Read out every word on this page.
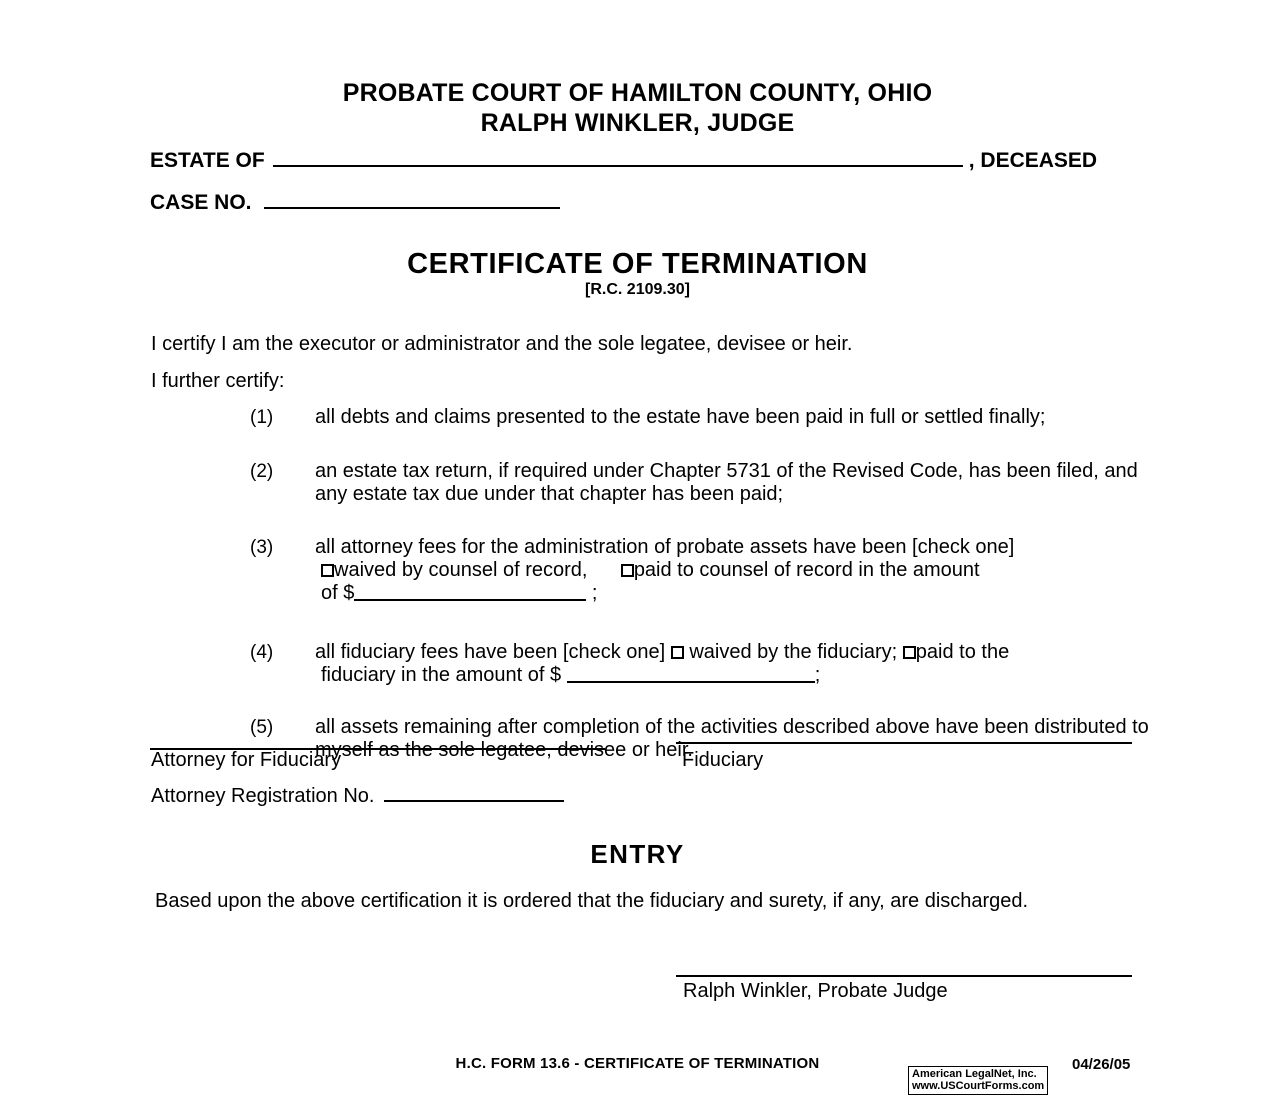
PROBATE COURT OF HAMILTON COUNTY, OHIO
RALPH WINKLER, JUDGE
ESTATE OF	, DECEASED
CASE NO.
CERTIFICATE OF TERMINATION
[R.C. 2109.30]
I certify I am the executor or administrator and the sole legatee, devisee or heir.
I further certify:
(1) all debts and claims presented to the estate have been paid in full or settled finally;
(2) an estate tax return, if required under Chapter 5731 of the Revised Code, has been filed, and any estate tax due under that chapter has been paid;
(3) all attorney fees for the administration of probate assets have been [check one]
waived by counsel of record, paid to counsel of record in the amount
of $	;
(4) all fiduciary fees have been [check one] waived by the fiduciary; paid to the
fiduciary in the amount of $	;
(5) all assets remaining after completion of the activities described above have been distributed to myself as the sole legatee, devisee or heir.
Attorney for Fiduciary	Fiduciary
Attorney Registration No.
ENTRY
Based upon the above certification it is ordered that the fiduciary and surety, if any, are discharged.
Ralph Winkler, Probate Judge
H.C. FORM 13.6 - CERTIFICATE OF TERMINATION
American LegalNet, Inc.
www.USCourtForms.com
04/26/05
